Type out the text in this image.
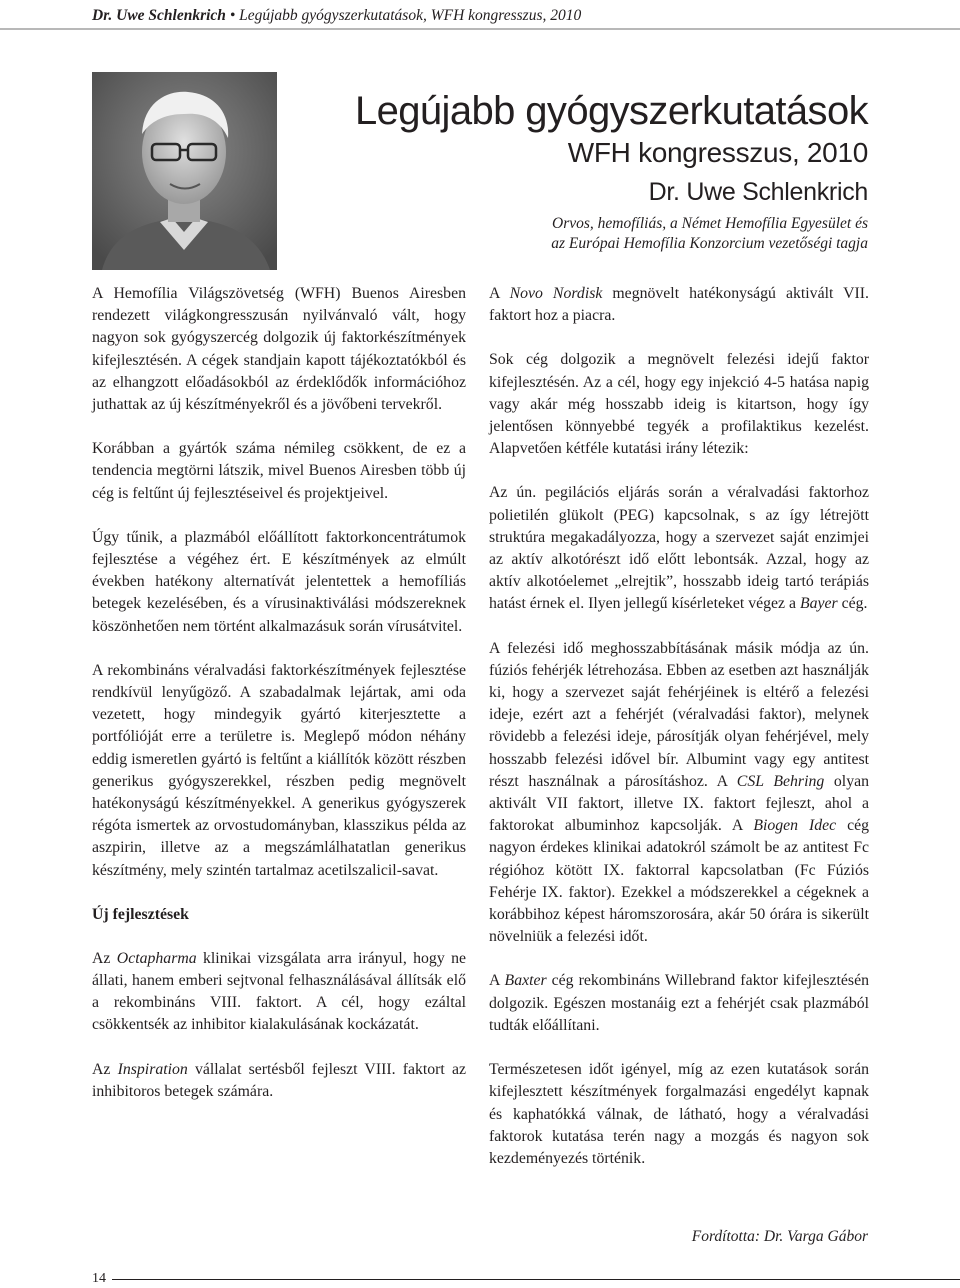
Dr. Uwe Schlenkrich • Legújabb gyógyszerkutatások, WFH kongresszus, 2010
Legújabb gyógyszerkutatások
WFH kongresszus, 2010
Dr. Uwe Schlenkrich
Orvos, hemofíliás, a Német Hemofília Egyesület és
az Európai Hemofília Konzorcium vezetőségi tagja

A Hemofília Világszövetség (WFH) Buenos Airesben rendezett világkongresszusán nyilvánvaló vált, hogy nagyon sok gyógyszercég dolgozik új faktorkészítmények kifejlesztésén. A cégek standjain kapott tájékoztatókból és az elhangzott előadásokból az érdeklődők információhoz juthattak az új készítményekről és a jövőbeni tervekről.

Korábban a gyártók száma némileg csökkent, de ez a tendencia megtörni látszik, mivel Buenos Airesben több új cég is feltűnt új fejlesztéseivel és projektjeivel.

Úgy tűnik, a plazmából előállított faktorkoncentrátumok fejlesztése a végéhez ért. E készítmények az elmúlt években hatékony alternatívát jelentettek a hemofíliás betegek kezelésében, és a vírusinaktiválási módszereknek köszönhetően nem történt alkalmazásuk során vírusátvitel.

A rekombináns véralvadási faktorkészítmények fejlesztése rendkívül lenyűgöző. A szabadalmak lejártak, ami oda vezetett, hogy mindegyik gyártó kiterjesztette a portfólióját erre a területre is. Meglepő módon néhány eddig ismeretlen gyártó is feltűnt a kiállítók között részben generikus gyógyszerekkel, részben pedig megnövelt hatékonyságú készítményekkel. A generikus gyógyszerek régóta ismertek az orvostudományban, klasszikus példa az aszpirin, illetve az a megszámlálhatatlan generikus készítmény, mely szintén tartalmaz acetilszalicil-savat.

Új fejlesztések

Az Octapharma klinikai vizsgálata arra irányul, hogy ne állati, hanem emberi sejtvonal felhasználásával állítsák elő a rekombináns VIII. faktort. A cél, hogy ezáltal csökkentsék az inhibitor kialakulásának kockázatát.

Az Inspiration vállalat sertésből fejleszt VIII. faktort az inhibitoros betegek számára.

A Novo Nordisk megnövelt hatékonyságú aktivált VII. faktort hoz a piacra.

Sok cég dolgozik a megnövelt felezési idejű faktor kifejlesztésén. Az a cél, hogy egy injekció 4-5 hatása napig vagy akár még hosszabb ideig is kitartson, hogy így jelentősen könnyebbé tegyék a profilaktikus kezelést. Alapvetően kétféle kutatási irány létezik:

Az ún. pegilációs eljárás során a véralvadási faktorhoz polietilén glükolt (PEG) kapcsolnak, s az így létrejött struktúra megakadályozza, hogy a szervezet saját enzimjei az aktív alkotórészt idő előtt lebontsák. Azzal, hogy az aktív alkotóelemet „elrejtik”, hosszabb ideig tartó terápiás hatást érnek el. Ilyen jellegű kísérleteket végez a Bayer cég.

A felezési idő meghosszabbításának másik módja az ún. fúziós fehérjék létrehozása. Ebben az esetben azt használják ki, hogy a szervezet saját fehérjéinek is eltérő a felezési ideje, ezért azt a fehérjét (véralvadási faktor), melynek rövidebb a felezési ideje, párosítják olyan fehérjével, mely hosszabb felezési idővel bír. Albumint vagy egy antitest részt használnak a párosításhoz. A CSL Behring olyan aktivált VII faktort, illetve IX. faktort fejleszt, ahol a faktorokat albuminhoz kapcsolják. A Biogen Idec cég nagyon érdekes klinikai adatokról számolt be az antitest Fc régióhoz kötött IX. faktorral kapcsolatban (Fc Fúziós Fehérje IX. faktor). Ezekkel a módszerekkel a cégeknek a korábbihoz képest háromszorosára, akár 50 órára is sikerült növelniük a felezési időt.

A Baxter cég rekombináns Willebrand faktor kifejlesztésén dolgozik. Egészen mostanáig ezt a fehérjét csak plazmából tudták előállítani.

Természetesen időt igényel, míg az ezen kutatások során kifejlesztett készítmények forgalmazási engedélyt kapnak és kaphatókká válnak, de látható, hogy a véralvadási faktorok kutatása terén nagy a mozgás és nagyon sok kezdeményezés történik.

Fordította: Dr. Varga Gábor
14
